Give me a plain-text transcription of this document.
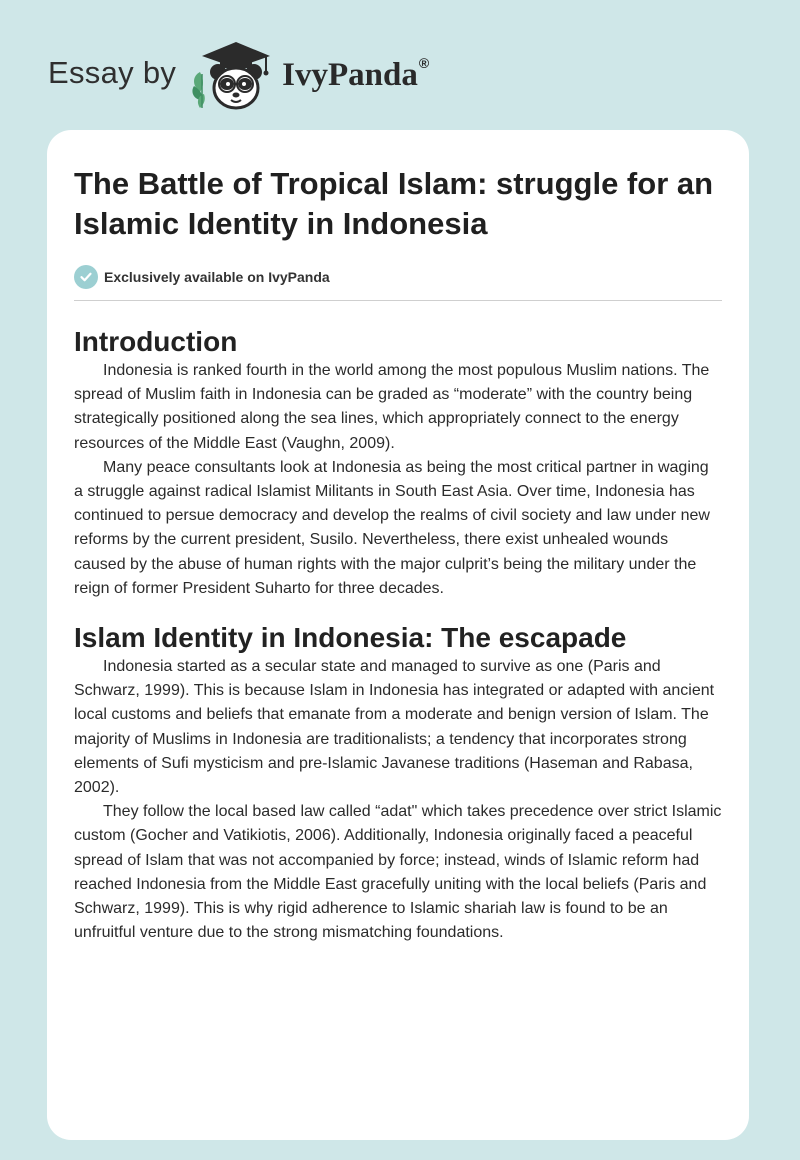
Essay by	IvyPanda®
The Battle of Tropical Islam: struggle for an Islamic Identity in Indonesia
Exclusively available on IvyPanda
Introduction

Indonesia is ranked fourth in the world among the most populous Muslim nations. The spread of Muslim faith in Indonesia can be graded as “moderate” with the country being strategically positioned along the sea lines, which appropriately connect to the energy resources of the Middle East (Vaughn, 2009).

Many peace consultants look at Indonesia as being the most critical partner in waging a struggle against radical Islamist Militants in South East Asia. Over time, Indonesia has continued to persue democracy and develop the realms of civil society and law under new reforms by the current president, Susilo. Nevertheless, there exist unhealed wounds caused by the abuse of human rights with the major culprit’s being the military under the reign of former President Suharto for three decades.

Islam Identity in Indonesia: The escapade

Indonesia started as a secular state and managed to survive as one (Paris and Schwarz, 1999). This is because Islam in Indonesia has integrated or adapted with ancient local customs and beliefs that emanate from a moderate and benign version of Islam. The majority of Muslims in Indonesia are traditionalists; a tendency that incorporates strong elements of Sufi mysticism and pre-Islamic Javanese traditions (Haseman and Rabasa, 2002).

They follow the local based law called “adat" which takes precedence over strict Islamic custom (Gocher and Vatikiotis, 2006). Additionally, Indonesia originally faced a peaceful spread of Islam that was not accompanied by force; instead, winds of Islamic reform had reached Indonesia from the Middle East gracefully uniting with the local beliefs (Paris and Schwarz, 1999). This is why rigid adherence to Islamic shariah law is found to be an unfruitful venture due to the strong mismatching foundations.
